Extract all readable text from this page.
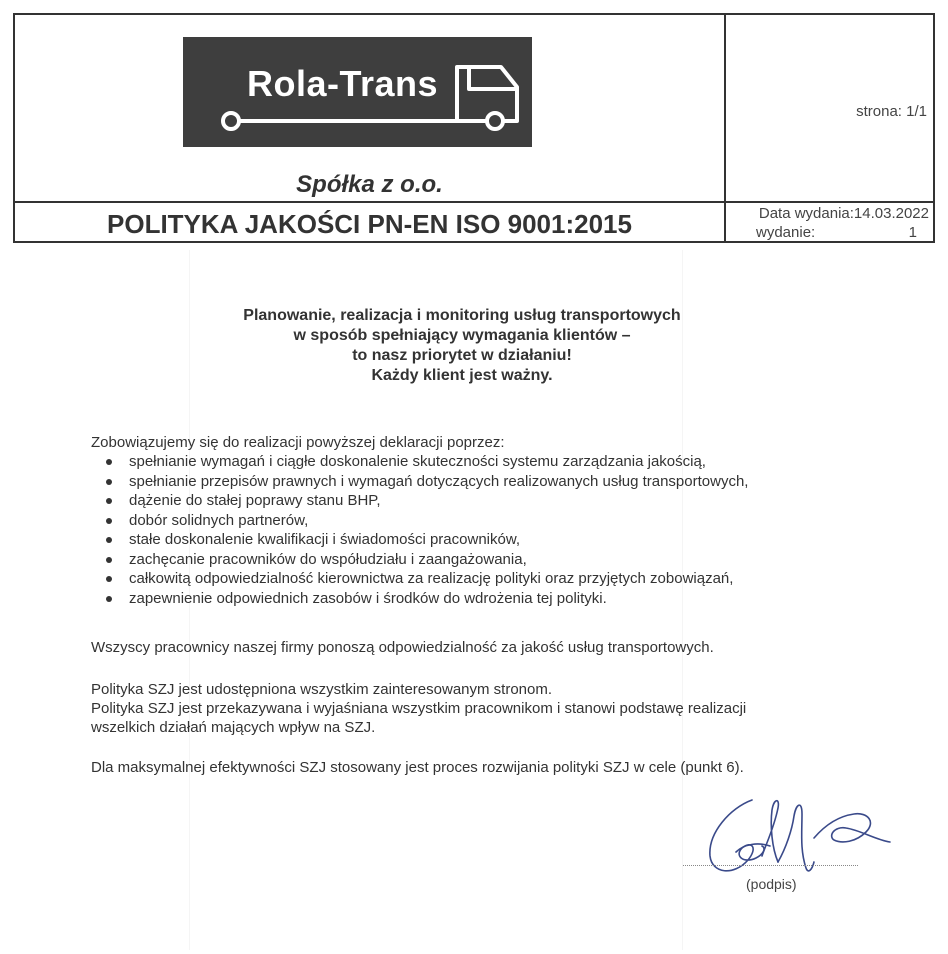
Rola-Trans
Spółka z o.o.
POLITYKA JAKOŚCI PN-EN ISO 9001:2015
strona: 1/1
Data wydania:14.03.2022
wydanie:	1
Planowanie, realizacja i monitoring usług transportowych
w sposób spełniający wymagania klientów –
to nasz priorytet w działaniu!
Każdy klient jest ważny.
Zobowiązujemy się do realizacji powyższej deklaracji poprzez:
spełnianie wymagań i ciągłe doskonalenie skuteczności systemu zarządzania jakością,
spełnianie przepisów prawnych i wymagań dotyczących realizowanych usług transportowych,
dążenie do stałej poprawy stanu BHP,
dobór solidnych partnerów,
stałe doskonalenie kwalifikacji i świadomości pracowników,
zachęcanie pracowników do współudziału i zaangażowania,
całkowitą odpowiedzialność kierownictwa za realizację polityki oraz przyjętych zobowiązań,
zapewnienie odpowiednich zasobów i środków do wdrożenia tej polityki.
Wszyscy pracownicy naszej firmy ponoszą odpowiedzialność za jakość usług transportowych.
Polityka SZJ jest udostępniona wszystkim zainteresowanym stronom.
Polityka SZJ jest przekazywana i wyjaśniana wszystkim pracownikom i stanowi podstawę realizacji
wszelkich działań mających wpływ na SZJ.
Dla maksymalnej efektywności SZJ stosowany jest proces rozwijania polityki SZJ w cele (punkt 6).
(podpis)
